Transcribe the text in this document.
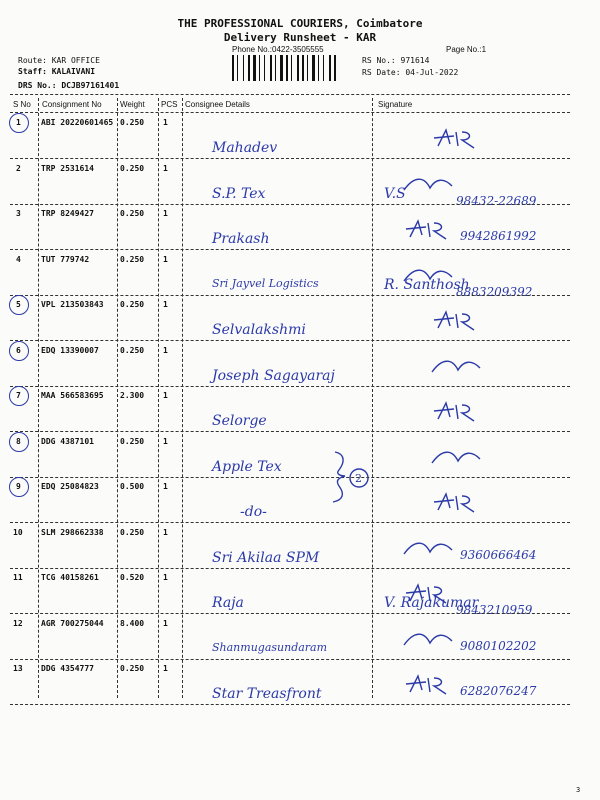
THE PROFESSIONAL COURIERS, Coimbatore
Delivery Runsheet - KAR
Phone No.:0422-3505555	Page No.:1
Route: KAR OFFICE
Staff: KALAIVANI
DRS No.: DCJB97161401
RS No.: 971614
RS Date: 04-Jul-2022
S No Consignment No Weight PCS Consignee Details	Signature
1	ABI 20220601465 0.250 1
Mahadev
2	TRP 2531614	0.250 1
S.P. Tex	V.S	98432-22689
3	TRP 8249427	0.250 1
Prakash	9942861992
4	TUT 779742	0.250 1
Sri Jayvel Logistics	R. Santhosh
8883209392
5	VPL 213503843 0.250 1
Selvalakshmi
6	EDQ 13390007	0.250 1
Joseph Sagayaraj
7	MAA 566583695 2.300 1
Selorge
8	DDG 4387101	0.250 1
Apple Tex
9	EDQ 25084823	0.500 1
-do-
10 SLM 298662338 0.250 1
Sri Akilaa SPM	9360666464
11 TCG 40158261	0.520 1
Raja	V. Rajakumar
9843210959
12 AGR 700275044 8.400 1
Shanmugasundaram	9080102202
13 DDG 4354777	0.250 1
Star Treasfront	6282076247
2
3
